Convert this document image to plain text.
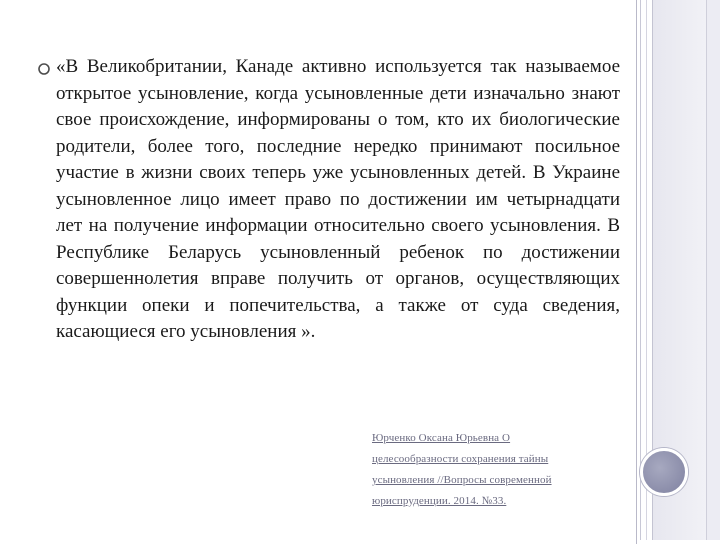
«В Великобритании, Канаде активно используется так называемое открытое усыновление, когда усыновленные дети изначально знают свое происхождение, информированы о том, кто их биологические родители, более того, последние нередко принимают посильное участие в жизни своих теперь уже усыновленных детей. В Украине усыновленное лицо имеет право по достижении им четырнадцати лет на получение информации относительно своего усыновления. В Республике Беларусь усыновленный ребенок по достижении совершеннолетия вправе получить от органов, осуществляющих функции опеки и попечительства, а также от суда сведения, касающиеся его усыновления ».

Юрченко Оксана Юрьевна О
целесообразности сохранения тайны
усыновления //Вопросы современной
юриспруденции. 2014. №33.
